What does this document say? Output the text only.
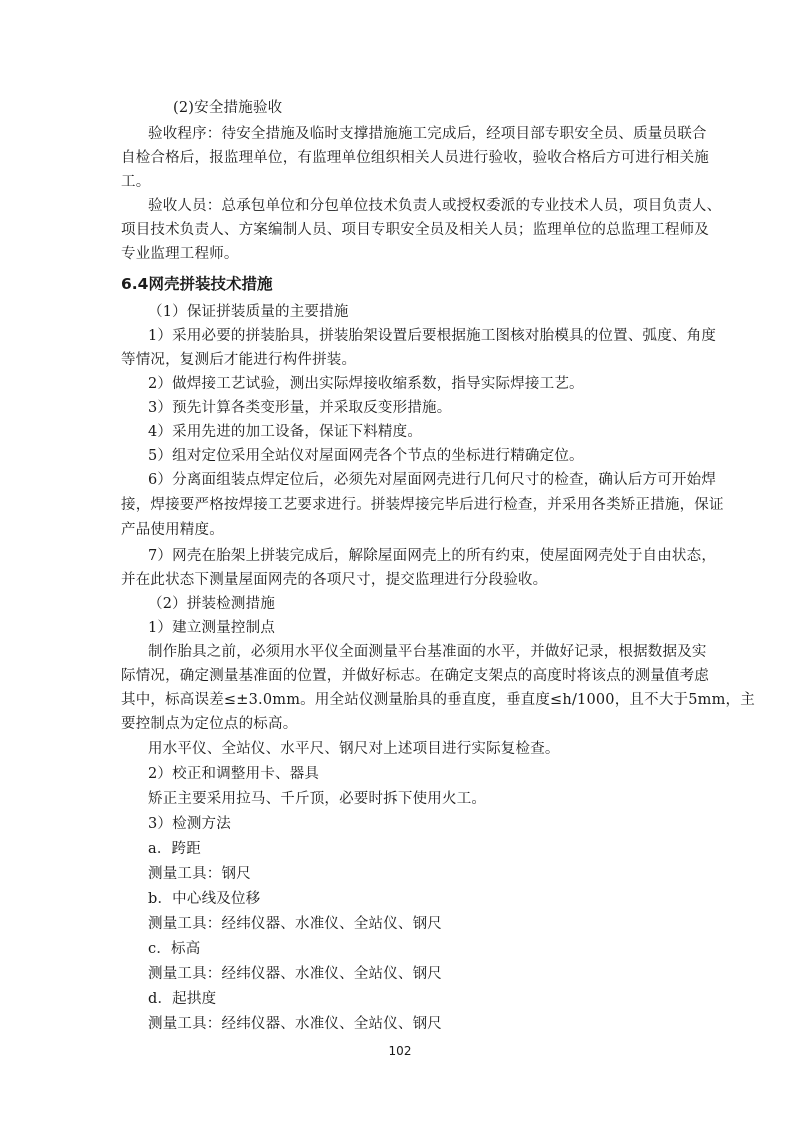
(2)安全措施验收
验收程序：待安全措施及临时支撑措施施工完成后，经项目部专职安全员、质量员联合
自检合格后，报监理单位，有监理单位组织相关人员进行验收，验收合格后方可进行相关施
工。
验收人员：总承包单位和分包单位技术负责人或授权委派的专业技术人员，项目负责人、
项目技术负责人、方案编制人员、项目专职安全员及相关人员；监理单位的总监理工程师及
专业监理工程师。
6.4网壳拼装技术措施
（1）保证拼装质量的主要措施
1）采用必要的拼装胎具，拼装胎架设置后要根据施工图核对胎模具的位置、弧度、角度
等情况，复测后才能进行构件拼装。
2）做焊接工艺试验，测出实际焊接收缩系数，指导实际焊接工艺。
3）预先计算各类变形量，并采取反变形措施。
4）采用先进的加工设备，保证下料精度。
5）组对定位采用全站仪对屋面网壳各个节点的坐标进行精确定位。
6）分离面组装点焊定位后，必须先对屋面网壳进行几何尺寸的检查，确认后方可开始焊
接，焊接要严格按焊接工艺要求进行。拼装焊接完毕后进行检查，并采用各类矫正措施，保证
产品使用精度。
7）网壳在胎架上拼装完成后，解除屋面网壳上的所有约束，使屋面网壳处于自由状态，
并在此状态下测量屋面网壳的各项尺寸，提交监理进行分段验收。
（2）拼装检测措施
1）建立测量控制点
制作胎具之前，必须用水平仪全面测量平台基准面的水平，并做好记录，根据数据及实
际情况，确定测量基准面的位置，并做好标志。在确定支架点的高度时将该点的测量值考虑
其中，标高误差≤±3.0mm。用全站仪测量胎具的垂直度，垂直度≤h/1000，且不大于5mm，主
要控制点为定位点的标高。
用水平仪、全站仪、水平尺、钢尺对上述项目进行实际复检查。
2）校正和调整用卡、器具
矫正主要采用拉马、千斤顶，必要时拆下使用火工。
3）检测方法
a．跨距
测量工具：钢尺
b．中心线及位移
测量工具：经纬仪器、水准仪、全站仪、钢尺
c．标高
测量工具：经纬仪器、水准仪、全站仪、钢尺
d．起拱度
测量工具：经纬仪器、水准仪、全站仪、钢尺
102
